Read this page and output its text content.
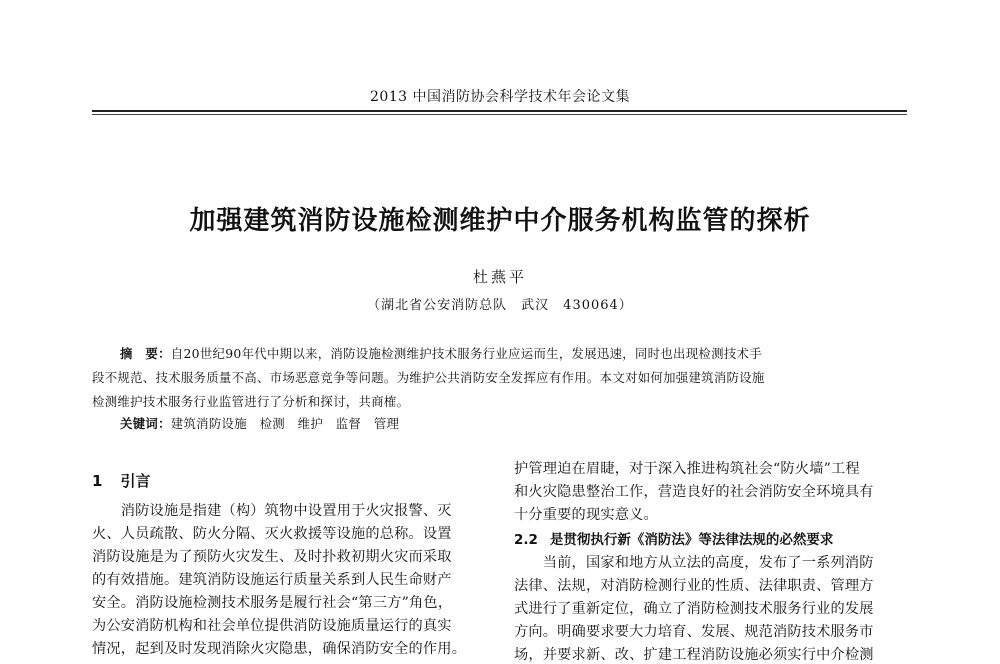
2013 中国消防协会科学技术年会论文集
加强建筑消防设施检测维护中介服务机构监管的探析
杜燕平
（湖北省公安消防总队　武汉　430064）
摘　要：自20世纪90年代中期以来，消防设施检测维护技术服务行业应运而生，发展迅速，同时也出现检测技术手
段不规范、技术服务质量不高、市场恶意竞争等问题。为维护公共消防安全发挥应有作用。本文对如何加强建筑消防设施
检测维护技术服务行业监管进行了分析和探讨，共商榷。
关键词：建筑消防设施　检测　维护　监督　管理
1 引言
　　消防设施是指建（构）筑物中设置用于火灾报警、灭
火、人员疏散、防火分隔、灭火救援等设施的总称。设置
消防设施是为了预防火灾发生、及时扑救初期火灾而采取
的有效措施。建筑消防设施运行质量关系到人民生命财产
安全。消防设施检测技术服务是履行社会“第三方”角色，
为公安消防机构和社会单位提供消防设施质量运行的真实
情况，起到及时发现消除火灾隐患，确保消防安全的作用。
护管理迫在眉睫，对于深入推进构筑社会“防火墙”工程
和火灾隐患整治工作，营造良好的社会消防安全环境具有
十分重要的现实意义。
2.2 是贯彻执行新《消防法》等法律法规的必然要求
　　当前，国家和地方从立法的高度，发布了一系列消防
法律、法规，对消防检测行业的性质、法律职责、管理方
式进行了重新定位，确立了消防检测技术服务行业的发展
方向。明确要求要大力培育、发展、规范消防技术服务市
场，并要求新、改、扩建工程消防设施必须实行中介检测
